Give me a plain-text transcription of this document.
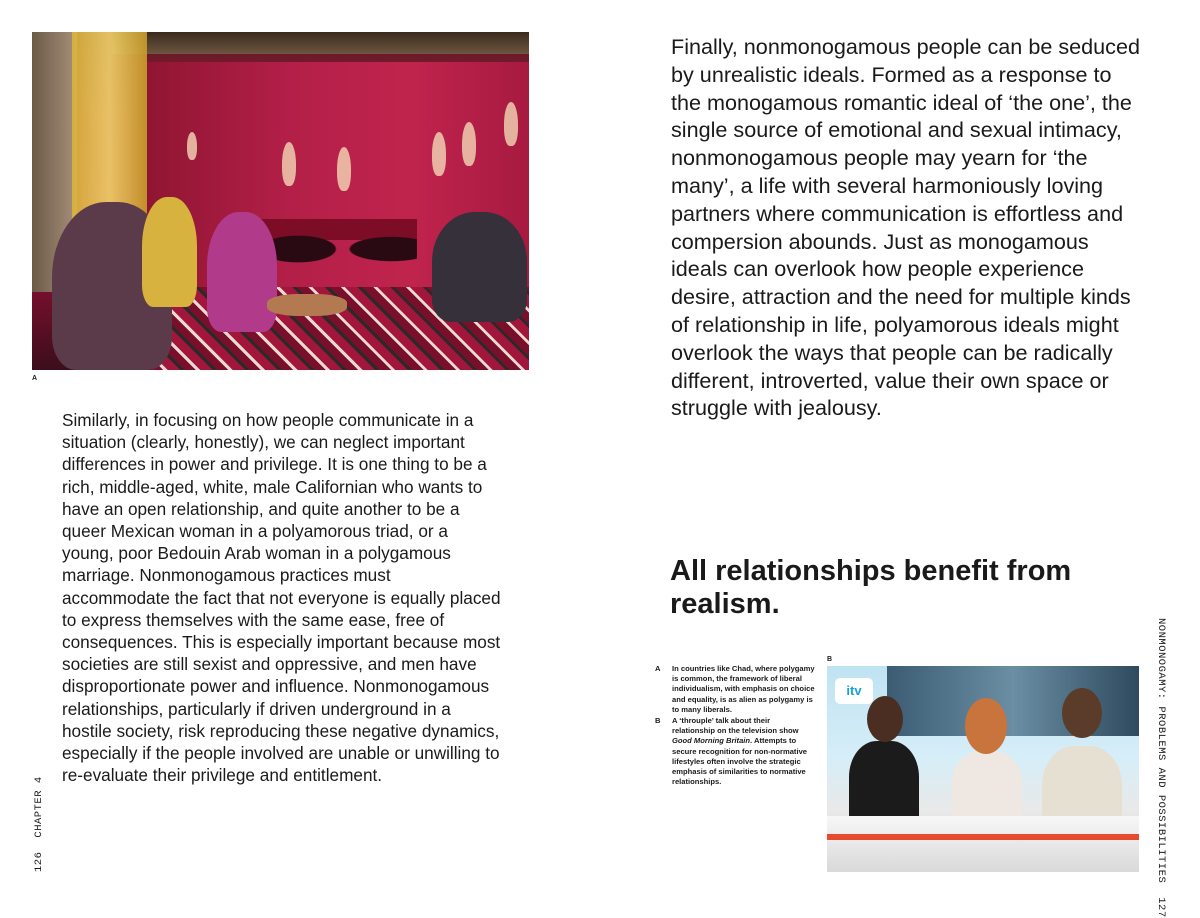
A

Similarly, in focusing on how people communicate in a situation (clearly, honestly), we can neglect important differences in power and privilege. It is one thing to be a rich, middle-aged, white, male Californian who wants to have an open relationship, and quite another to be a queer Mexican woman in a polyamorous triad, or a young, poor Bedouin Arab woman in a polygamous marriage. Nonmonogamous practices must accommodate the fact that not everyone is equally placed to express themselves with the same ease, free of consequences. This is especially important because most societies are still sexist and oppressive, and men have disproportionate power and influence. Nonmonogamous relationships, particularly if driven underground in a hostile society, risk reproducing these negative dynamics, especially if the people involved are unable or unwilling to re-evaluate their privilege and entitlement.

126CHAPTER 4

Finally, nonmonogamous people can be seduced by unrealistic ideals. Formed as a response to the monogamous romantic ideal of ‘the one’, the single source of emotional and sexual intimacy, nonmonogamous people may yearn for ‘the many’, a life with several harmoniously loving partners where communication is effortless and compersion abounds. Just as monogamous ideals can overlook how people experience desire, attraction and the need for multiple kinds of relationship in life, polyamorous ideals might overlook the ways that people can be radically different, introverted, value their own space or struggle with jealousy.

All relationships benefit from realism.
A	In countries like Chad, where polygamy is common, the framework of liberal individualism, with emphasis on choice and equality, is as alien as polygamy is to many liberals.
B	A ‘throuple’ talk about their relationship on the television show Good Morning Britain. Attempts to secure recognition for non-normative lifestyles often involve the strategic emphasis of similarities to normative relationships.
B
itv	NONMONOGAMY: PROBLEMS AND POSSIBILITIES127
